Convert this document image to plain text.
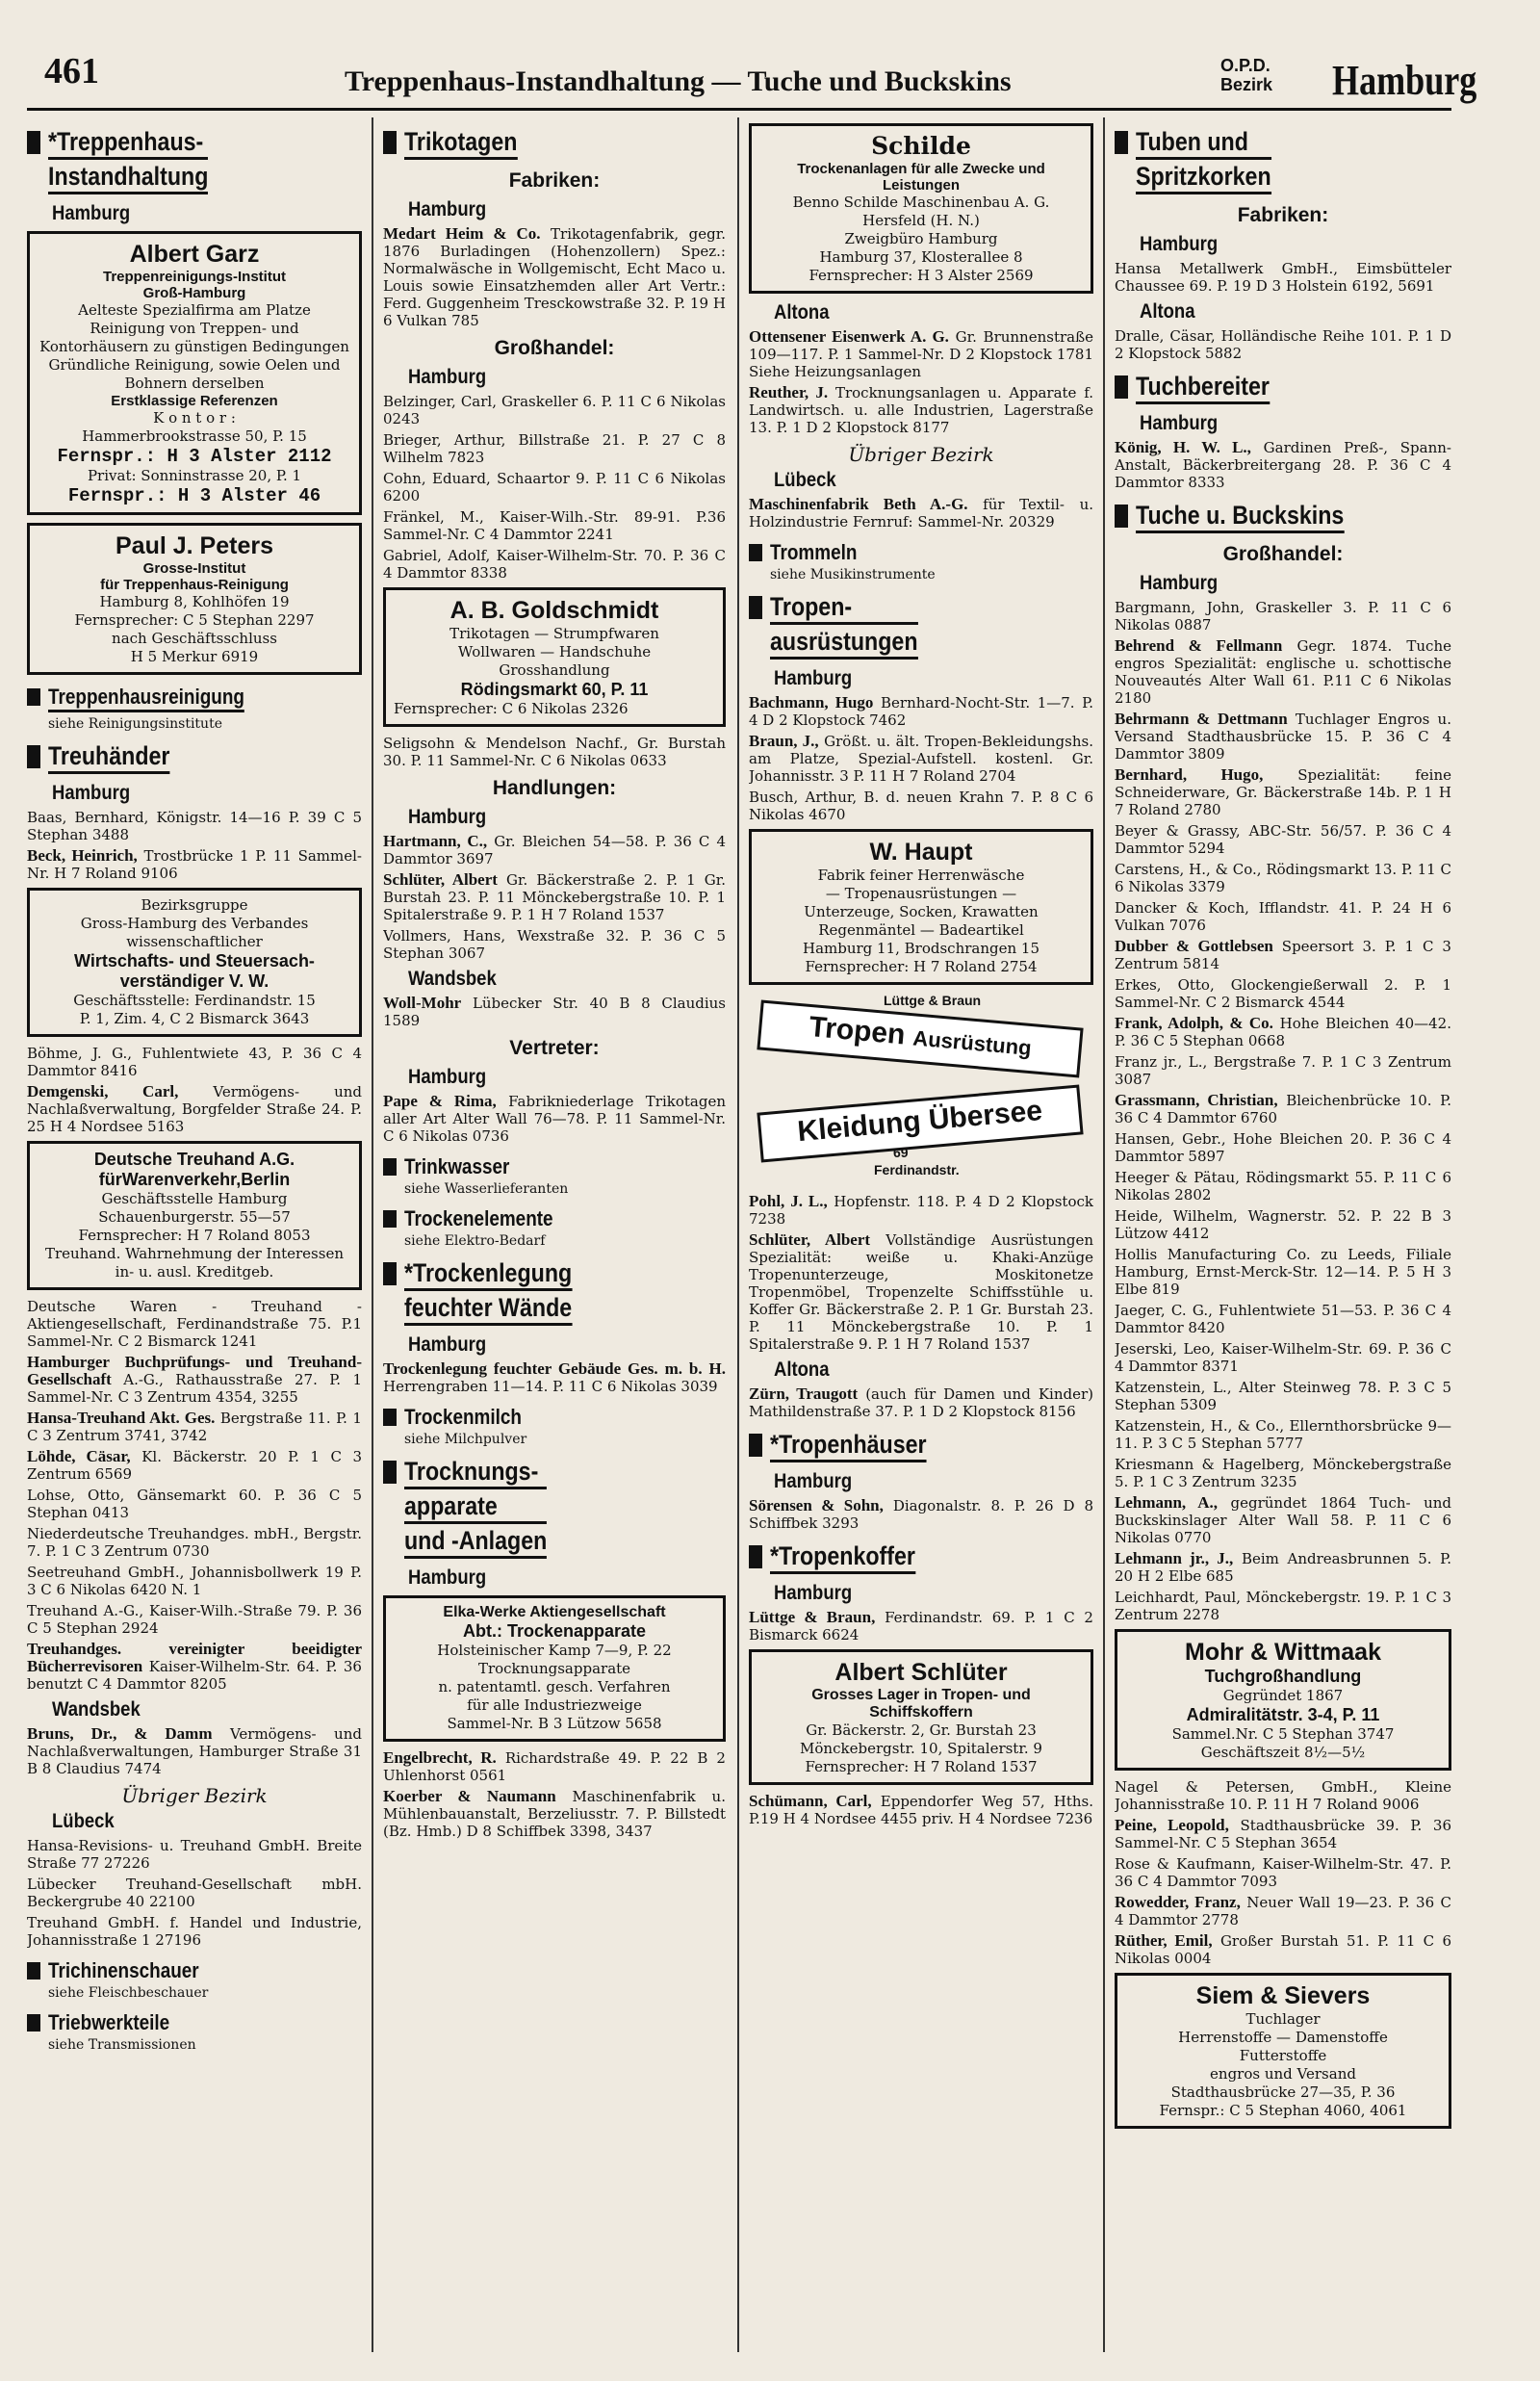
461	Treppenhaus-Instandhaltung — Tuche und Buckskins	O.P.D.
Bezirk Hamburg
*Treppenhaus-
Instandhaltung
Hamburg

Albert Garz

Treppenreinigungs-Institut

Groß-Hamburg

Aelteste Spezialfirma am Platze

Reinigung von Treppen- und Kontorhäusern zu günstigen Bedingungen

Gründliche Reinigung, sowie Oelen und Bohnern derselben

Erstklassige Referenzen

K o n t o r :

Hammerbrookstrasse 50, P. 15

Fernspr.: H 3 Alster 2112

Privat: Sonninstrasse 20, P. 1

Fernspr.: H 3 Alster 46

Paul J. Peters

Grosse-Institut

für Treppenhaus-Reinigung

Hamburg 8, Kohlhöfen 19

Fernsprecher: C 5 Stephan 2297

nach Geschäftsschluss

H 5 Merkur 6919

Treppenhausreinigung
siehe Reinigungsinstitute
Treuhänder
Hamburg
Baas, Bernhard, Königstr. 14—16 P. 39 C 5 Stephan 3488
Beck, Heinrich, Trostbrücke 1 P. 11 Sammel-Nr. H 7 Roland 9106

Bezirksgruppe

Gross-Hamburg des Verbandes wissenschaftlicher

Wirtschafts- und Steuersach- verständiger V. W.

Geschäftsstelle: Ferdinandstr. 15

P. 1, Zim. 4, C 2 Bismarck 3643

Böhme, J. G., Fuhlentwiete 43, P. 36 C 4 Dammtor 8416
Demgenski, Carl, Vermögens- und Nachlaßverwaltung, Borgfelder Straße 24. P. 25 H 4 Nordsee 5163

Deutsche Treuhand A.G. fürWarenverkehr,Berlin

Geschäftsstelle Hamburg

Schauenburgerstr. 55—57

Fernsprecher: H 7 Roland 8053

Treuhand. Wahrnehmung der Interessen in- u. ausl. Kreditgeb.

Deutsche Waren - Treuhand - Aktiengesellschaft, Ferdinandstraße 75. P.1 Sammel-Nr. C 2 Bismarck 1241
Hamburger Buchprüfungs- und Treuhand-Gesellschaft A.-G., Rathausstraße 27. P. 1 Sammel-Nr. C 3 Zentrum 4354, 3255
Hansa-Treuhand Akt. Ges. Bergstraße 11. P. 1 C 3 Zentrum 3741, 3742
Löhde, Cäsar, Kl. Bäckerstr. 20 P. 1 C 3 Zentrum 6569
Lohse, Otto, Gänsemarkt 60. P. 36 C 5 Stephan 0413
Niederdeutsche Treuhandges. mbH., Bergstr. 7. P. 1 C 3 Zentrum 0730
Seetreuhand GmbH., Johannisbollwerk 19 P. 3 C 6 Nikolas 6420 N. 1
Treuhand A.-G., Kaiser-Wilh.-Straße 79. P. 36 C 5 Stephan 2924
Treuhandges. vereinigter beeidigter Bücherrevisoren Kaiser-Wilhelm-Str. 64. P. 36 benutzt C 4 Dammtor 8205
Wandsbek
Bruns, Dr., & Damm Vermögens- und Nachlaßverwaltungen, Hamburger Straße 31 B 8 Claudius 7474
Übriger Bezirk
Lübeck
Hansa-Revisions- u. Treuhand GmbH. Breite Straße 77 27226
Lübecker Treuhand-Gesellschaft mbH. Beckergrube 40 22100
Treuhand GmbH. f. Handel und Industrie, Johannisstraße 1 27196
Trichinenschauer
siehe Fleischbeschauer
Triebwerkteile
siehe Transmissionen
Trikotagen
Fabriken:
Hamburg
Medart Heim & Co. Trikotagenfabrik, gegr. 1876 Burladingen (Hohenzollern) Spez.: Normalwäsche in Wollgemischt, Echt Maco u. Louis sowie Einsatzhemden aller Art Vertr.: Ferd. Guggenheim Tresckowstraße 32. P. 19 H 6 Vulkan 785
Großhandel:
Hamburg
Belzinger, Carl, Graskeller 6. P. 11 C 6 Nikolas 0243
Brieger, Arthur, Billstraße 21. P. 27 C 8 Wilhelm 7823
Cohn, Eduard, Schaartor 9. P. 11 C 6 Nikolas 6200
Fränkel, M., Kaiser-Wilh.-Str. 89-91. P.36 Sammel-Nr. C 4 Dammtor 2241
Gabriel, Adolf, Kaiser-Wilhelm-Str. 70. P. 36 C 4 Dammtor 8338

A. B. Goldschmidt

Trikotagen — Strumpfwaren

Wollwaren — Handschuhe

Grosshandlung

Rödingsmarkt 60, P. 11

Fernsprecher: C 6 Nikolas 2326

Seligsohn & Mendelson Nachf., Gr. Burstah 30. P. 11 Sammel-Nr. C 6 Nikolas 0633
Handlungen:
Hamburg
Hartmann, C., Gr. Bleichen 54—58. P. 36 C 4 Dammtor 3697
Schlüter, Albert Gr. Bäckerstraße 2. P. 1 Gr. Burstah 23. P. 11 Mönckebergstraße 10. P. 1 Spitalerstraße 9. P. 1 H 7 Roland 1537
Vollmers, Hans, Wexstraße 32. P. 36 C 5 Stephan 3067
Wandsbek
Woll-Mohr Lübecker Str. 40 B 8 Claudius 1589
Vertreter:
Hamburg
Pape & Rima, Fabrikniederlage Trikotagen aller Art Alter Wall 76—78. P. 11 Sammel-Nr. C 6 Nikolas 0736
Trinkwasser
siehe Wasserlieferanten
Trockenelemente
siehe Elektro-Bedarf
*Trockenlegung
feuchter Wände
Hamburg
Trockenlegung feuchter Gebäude Ges. m. b. H. Herrengraben 11—14. P. 11 C 6 Nikolas 3039
Trockenmilch
siehe Milchpulver
Trocknungs-
apparate
und -Anlagen
Hamburg

Elka-Werke Aktiengesellschaft

Abt.: Trockenapparate

Holsteinischer Kamp 7—9, P. 22

Trocknungsapparate

n. patentamtl. gesch. Verfahren

für alle Industriezweige

Sammel-Nr. B 3 Lützow 5658

Engelbrecht, R. Richardstraße 49. P. 22 B 2 Uhlenhorst 0561
Koerber & Naumann Maschinenfabrik u. Mühlenbauanstalt, Berzeliusstr. 7. P. Billstedt (Bz. Hmb.) D 8 Schiffbek 3398, 3437

Schilde

Trockenanlagen für alle Zwecke und Leistungen

Benno Schilde Maschinenbau A. G. Hersfeld (H. N.)

Zweigbüro Hamburg

Hamburg 37, Klosterallee 8

Fernsprecher: H 3 Alster 2569

Altona
Ottensener Eisenwerk A. G. Gr. Brunnenstraße 109—117. P. 1 Sammel-Nr. D 2 Klopstock 1781 Siehe Heizungsanlagen
Reuther, J. Trocknungsanlagen u. Apparate f. Landwirtsch. u. alle Industrien, Lagerstraße 13. P. 1 D 2 Klopstock 8177
Übriger Bezirk
Lübeck
Maschinenfabrik Beth A.-G. für Textil- u. Holzindustrie Fernruf: Sammel-Nr. 20329
Trommeln
siehe Musikinstrumente
Tropen-
ausrüstungen
Hamburg
Bachmann, Hugo Bernhard-Nocht-Str. 1—7. P. 4 D 2 Klopstock 7462
Braun, J., Größt. u. ält. Tropen-Bekleidungshs. am Platze, Spezial-Aufstell. kostenl. Gr. Johannisstr. 3 P. 11 H 7 Roland 2704
Busch, Arthur, B. d. neuen Krahn 7. P. 8 C 6 Nikolas 4670

W. Haupt

Fabrik feiner Herrenwäsche

— Tropenausrüstungen —

Unterzeuge, Socken, Krawatten

Regenmäntel — Badeartikel

Hamburg 11, Brodschrangen 15

Fernsprecher: H 7 Roland 2754

Lüttge & Braun
Tropen Ausrüstung
Kleidung Übersee
69
Ferdinandstr.
Pohl, J. L., Hopfenstr. 118. P. 4 D 2 Klopstock 7238
Schlüter, Albert Vollständige Ausrüstungen Spezialität: weiße u. Khaki-Anzüge Tropenunterzeuge, Moskitonetze Tropenmöbel, Tropenzelte Schiffsstühle u. Koffer Gr. Bäckerstraße 2. P. 1 Gr. Burstah 23. P. 11 Mönckebergstraße 10. P. 1 Spitalerstraße 9. P. 1 H 7 Roland 1537
Altona
Zürn, Traugott (auch für Damen und Kinder) Mathildenstraße 37. P. 1 D 2 Klopstock 8156
*Tropenhäuser
Hamburg
Sörensen & Sohn, Diagonalstr. 8. P. 26 D 8 Schiffbek 3293
*Tropenkoffer
Hamburg
Lüttge & Braun, Ferdinandstr. 69. P. 1 C 2 Bismarck 6624

Albert Schlüter

Grosses Lager in Tropen- und Schiffskoffern

Gr. Bäckerstr. 2, Gr. Burstah 23

Mönckebergstr. 10, Spitalerstr. 9

Fernsprecher: H 7 Roland 1537

Schümann, Carl, Eppendorfer Weg 57, Hths. P.19 H 4 Nordsee 4455 priv. H 4 Nordsee 7236
Tuben und
Spritzkorken
Fabriken:
Hamburg
Hansa Metallwerk GmbH., Eimsbütteler Chaussee 69. P. 19 D 3 Holstein 6192, 5691
Altona
Dralle, Cäsar, Holländische Reihe 101. P. 1 D 2 Klopstock 5882
Tuchbereiter
Hamburg
König, H. W. L., Gardinen Preß-, Spann-Anstalt, Bäckerbreitergang 28. P. 36 C 4 Dammtor 8333
Tuche u. Buckskins
Großhandel:
Hamburg
Bargmann, John, Graskeller 3. P. 11 C 6 Nikolas 0887
Behrend & Fellmann Gegr. 1874. Tuche engros Spezialität: englische u. schottische Nouveautés Alter Wall 61. P.11 C 6 Nikolas 2180
Behrmann & Dettmann Tuchlager Engros u. Versand Stadthausbrücke 15. P. 36 C 4 Dammtor 3809
Bernhard, Hugo, Spezialität: feine Schneiderware, Gr. Bäckerstraße 14b. P. 1 H 7 Roland 2780
Beyer & Grassy, ABC-Str. 56/57. P. 36 C 4 Dammtor 5294
Carstens, H., & Co., Rödingsmarkt 13. P. 11 C 6 Nikolas 3379
Dancker & Koch, Ifflandstr. 41. P. 24 H 6 Vulkan 7076
Dubber & Gottlebsen Speersort 3. P. 1 C 3 Zentrum 5814
Erkes, Otto, Glockengießerwall 2. P. 1 Sammel-Nr. C 2 Bismarck 4544
Frank, Adolph, & Co. Hohe Bleichen 40—42. P. 36 C 5 Stephan 0668
Franz jr., L., Bergstraße 7. P. 1 C 3 Zentrum 3087
Grassmann, Christian, Bleichenbrücke 10. P. 36 C 4 Dammtor 6760
Hansen, Gebr., Hohe Bleichen 20. P. 36 C 4 Dammtor 5897
Heeger & Pätau, Rödingsmarkt 55. P. 11 C 6 Nikolas 2802
Heide, Wilhelm, Wagnerstr. 52. P. 22 B 3 Lützow 4412
Hollis Manufacturing Co. zu Leeds, Filiale Hamburg, Ernst-Merck-Str. 12—14. P. 5 H 3 Elbe 819
Jaeger, C. G., Fuhlentwiete 51—53. P. 36 C 4 Dammtor 8420
Jeserski, Leo, Kaiser-Wilhelm-Str. 69. P. 36 C 4 Dammtor 8371
Katzenstein, L., Alter Steinweg 78. P. 3 C 5 Stephan 5309
Katzenstein, H., & Co., Ellernthorsbrücke 9—11. P. 3 C 5 Stephan 5777
Kriesmann & Hagelberg, Mönckebergstraße 5. P. 1 C 3 Zentrum 3235
Lehmann, A., gegründet 1864 Tuch- und Buckskinslager Alter Wall 58. P. 11 C 6 Nikolas 0770
Lehmann jr., J., Beim Andreasbrunnen 5. P. 20 H 2 Elbe 685
Leichhardt, Paul, Mönckebergstr. 19. P. 1 C 3 Zentrum 2278

Mohr & Wittmaak

Tuchgroßhandlung

Gegründet 1867

Admiralitätstr. 3-4, P. 11

Sammel.Nr. C 5 Stephan 3747

Geschäftszeit 8½—5½

Nagel & Petersen, GmbH., Kleine Johannisstraße 10. P. 11 H 7 Roland 9006
Peine, Leopold, Stadthausbrücke 39. P. 36 Sammel-Nr. C 5 Stephan 3654
Rose & Kaufmann, Kaiser-Wilhelm-Str. 47. P. 36 C 4 Dammtor 7093
Rowedder, Franz, Neuer Wall 19—23. P. 36 C 4 Dammtor 2778
Rüther, Emil, Großer Burstah 51. P. 11 C 6 Nikolas 0004

Siem & Sievers

Tuchlager

Herrenstoffe — Damenstoffe

Futterstoffe

engros und Versand

Stadthausbrücke 27—35, P. 36

Fernspr.: C 5 Stephan 4060, 4061
